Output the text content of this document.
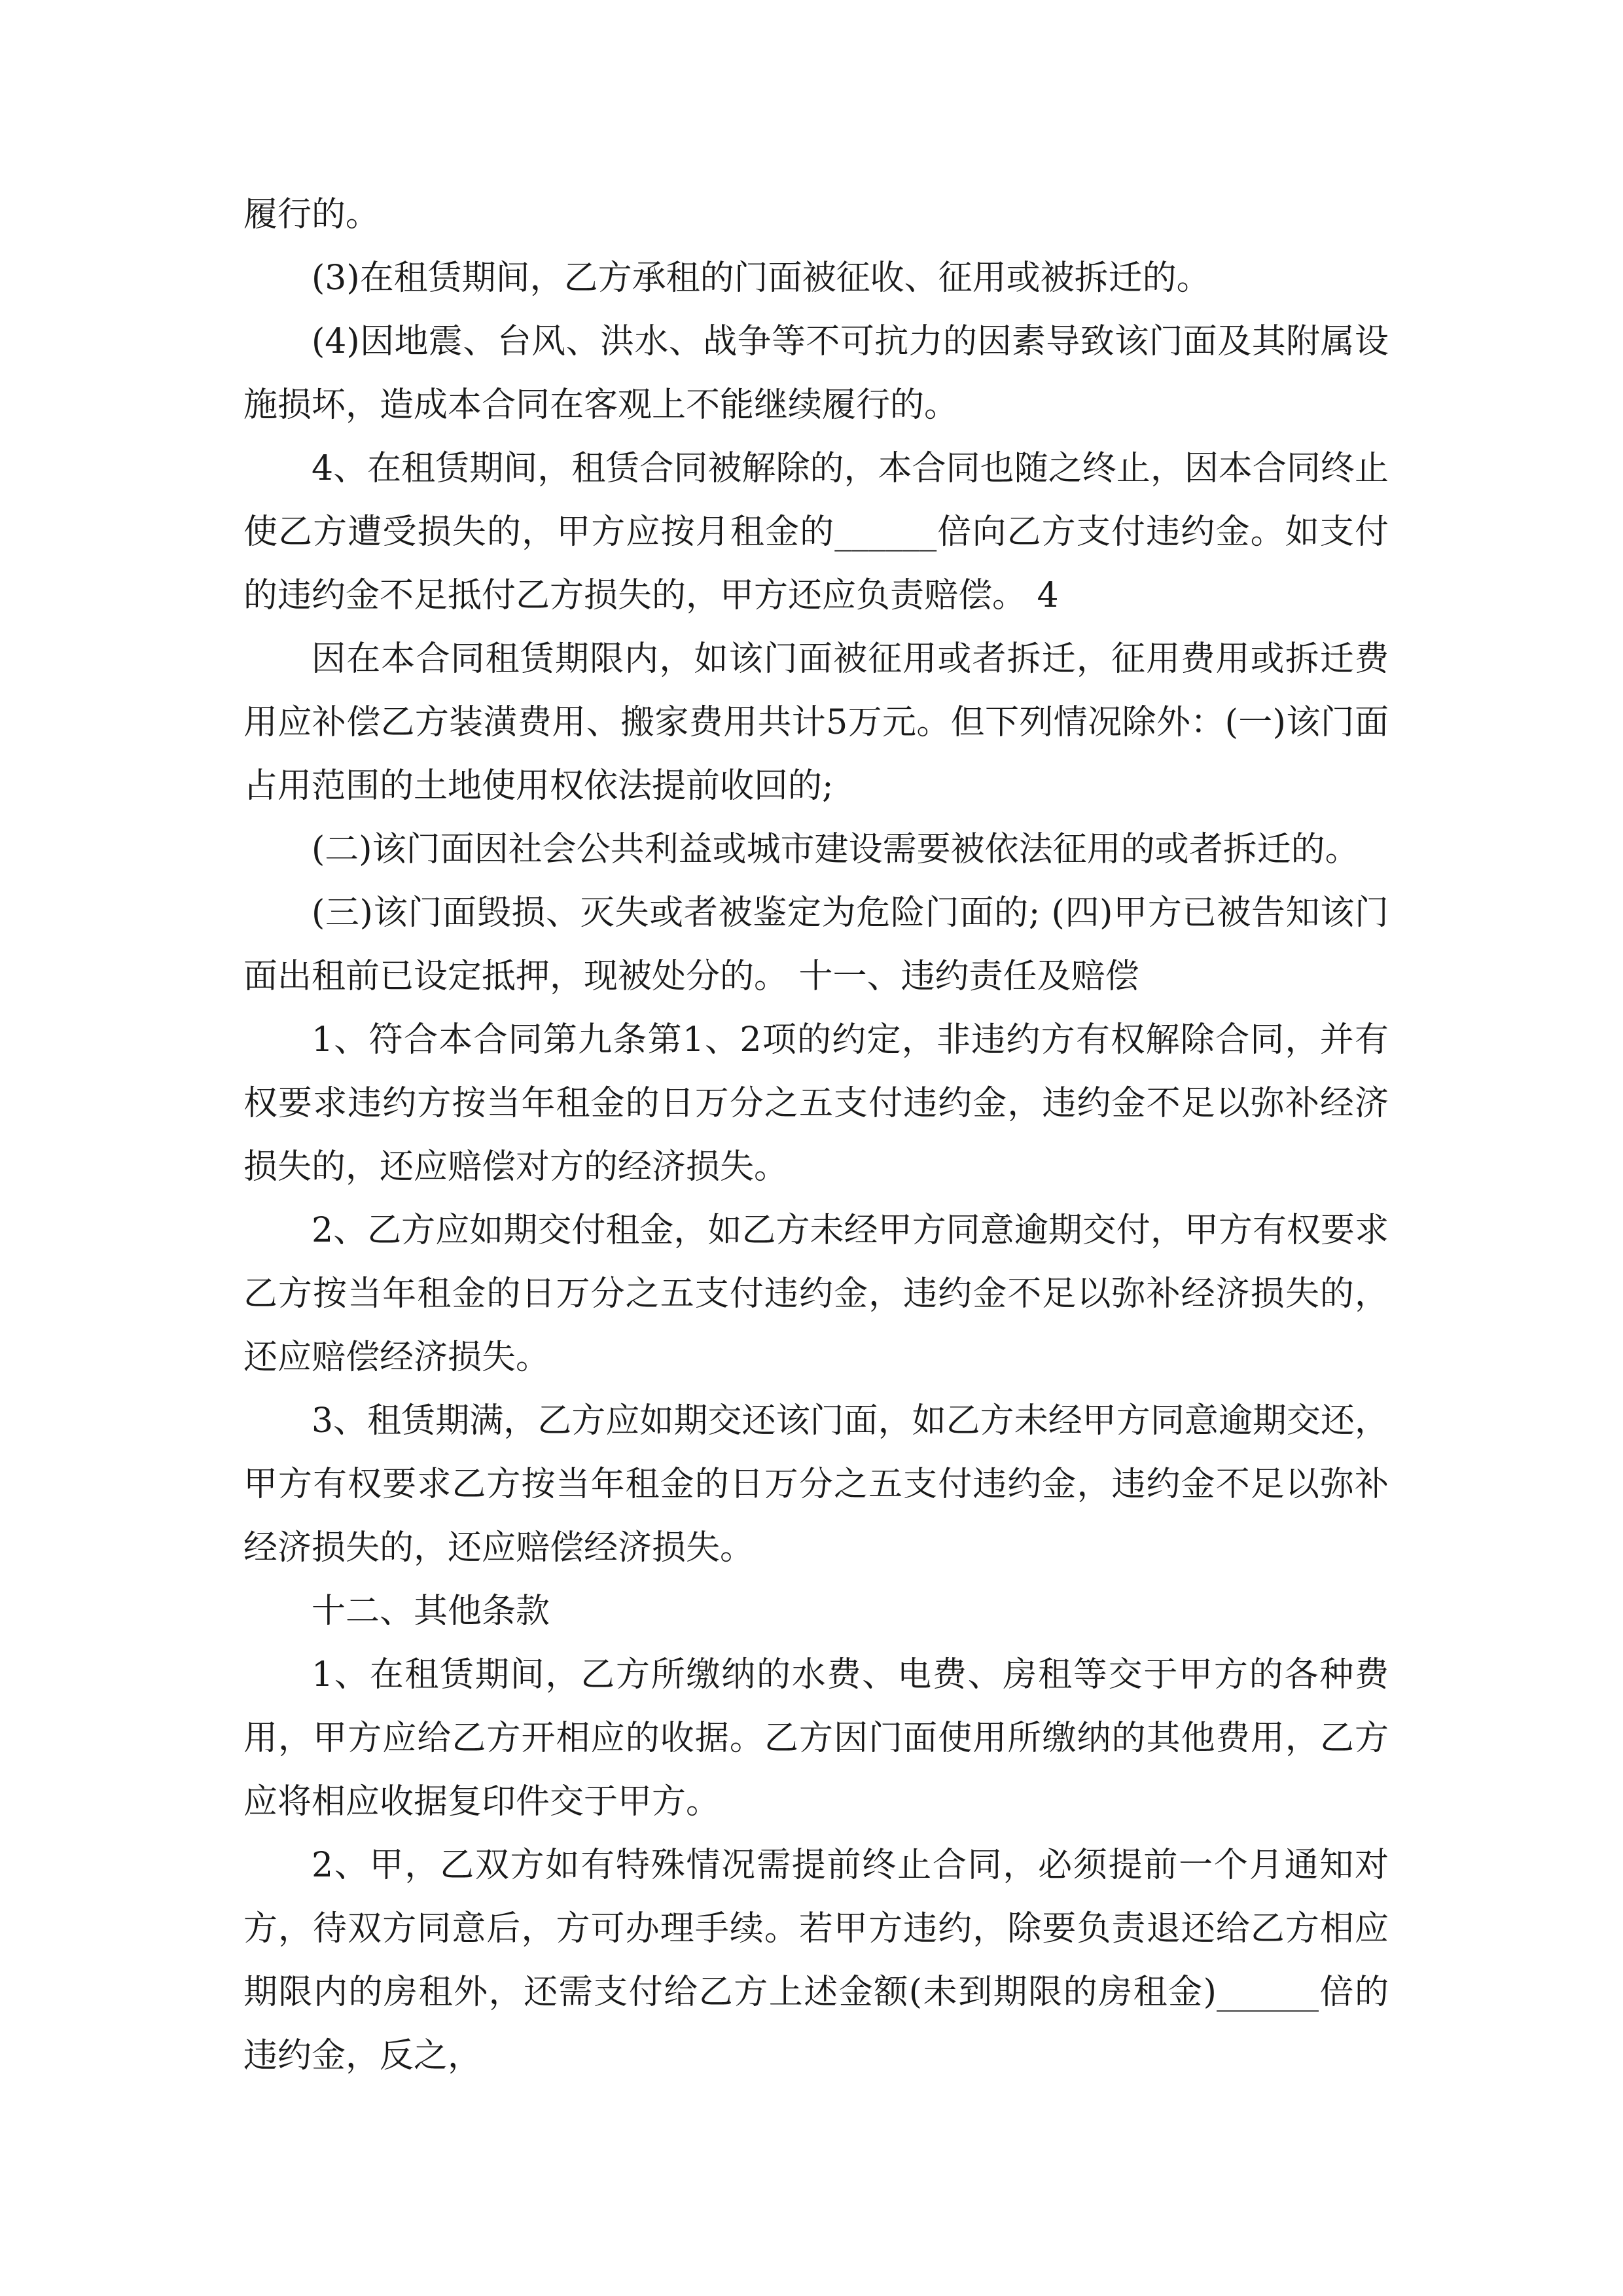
履行的。

(3)在租赁期间，乙方承租的门面被征收、征用或被拆迁的。

(4)因地震、台风、洪水、战争等不可抗力的因素导致该门面及其附属设施损坏，造成本合同在客观上不能继续履行的。

4、在租赁期间，租赁合同被解除的，本合同也随之终止，因本合同终止使乙方遭受损失的，甲方应按月租金的______倍向乙方支付违约金。如支付的违约金不足抵付乙方损失的，甲方还应负责赔偿。 4

因在本合同租赁期限内，如该门面被征用或者拆迁，征用费用或拆迁费用应补偿乙方装潢费用、搬家费用共计5万元。但下列情况除外：(一)该门面占用范围的土地使用权依法提前收回的;

(二)该门面因社会公共利益或城市建设需要被依法征用的或者拆迁的。

(三)该门面毁损、灭失或者被鉴定为危险门面的; (四)甲方已被告知该门面出租前已设定抵押，现被处分的。 十一、违约责任及赔偿

1、符合本合同第九条第1、2项的约定，非违约方有权解除合同，并有权要求违约方按当年租金的日万分之五支付违约金，违约金不足以弥补经济损失的，还应赔偿对方的经济损失。

2、乙方应如期交付租金，如乙方未经甲方同意逾期交付，甲方有权要求乙方按当年租金的日万分之五支付违约金，违约金不足以弥补经济损失的，还应赔偿经济损失。

3、租赁期满，乙方应如期交还该门面，如乙方未经甲方同意逾期交还，甲方有权要求乙方按当年租金的日万分之五支付违约金，违约金不足以弥补经济损失的，还应赔偿经济损失。

十二、其他条款

1、在租赁期间，乙方所缴纳的水费、电费、房租等交于甲方的各种费用，甲方应给乙方开相应的收据。乙方因门面使用所缴纳的其他费用，乙方应将相应收据复印件交于甲方。

2、甲，乙双方如有特殊情况需提前终止合同，必须提前一个月通知对方，待双方同意后，方可办理手续。若甲方违约，除要负责退还给乙方相应期限内的房租外，还需支付给乙方上述金额(未到期限的房租金)______倍的违约金，反之，
